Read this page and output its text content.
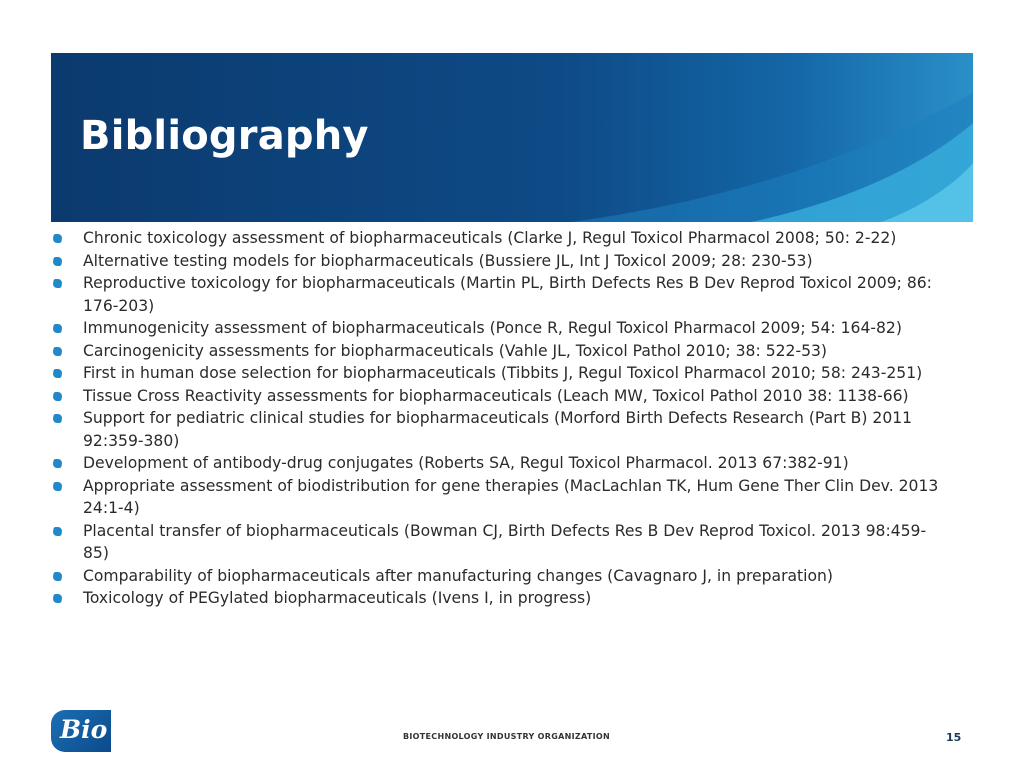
Bibliography
Chronic toxicology assessment of biopharmaceuticals (Clarke J, Regul Toxicol Pharmacol 2008; 50: 2-22)
Alternative testing models for biopharmaceuticals (Bussiere JL, Int J Toxicol 2009; 28: 230-53)
Reproductive toxicology for biopharmaceuticals (Martin PL, Birth Defects Res B Dev Reprod Toxicol 2009; 86: 176-203)
Immunogenicity assessment of biopharmaceuticals (Ponce R, Regul Toxicol Pharmacol 2009; 54: 164-82)
Carcinogenicity assessments for biopharmaceuticals (Vahle JL, Toxicol Pathol 2010; 38: 522-53)
First in human dose selection for biopharmaceuticals (Tibbits J, Regul Toxicol Pharmacol 2010; 58: 243-251)
Tissue Cross Reactivity assessments for biopharmaceuticals (Leach MW, Toxicol Pathol 2010 38: 1138-66)
Support for pediatric clinical studies for biopharmaceuticals (Morford Birth Defects Research (Part B) 2011 92:359-380)
Development of antibody-drug conjugates (Roberts SA, Regul Toxicol Pharmacol. 2013 67:382-91)
Appropriate assessment of biodistribution for gene therapies (MacLachlan TK, Hum Gene Ther Clin Dev. 2013 24:1-4)
Placental transfer of biopharmaceuticals (Bowman CJ, Birth Defects Res B Dev Reprod Toxicol. 2013 98:459-85)
Comparability of biopharmaceuticals after manufacturing changes (Cavagnaro J, in preparation)
Toxicology of PEGylated biopharmaceuticals (Ivens I, in progress)
Bio	BIOTECHNOLOGY INDUSTRY ORGANIZATION	15
